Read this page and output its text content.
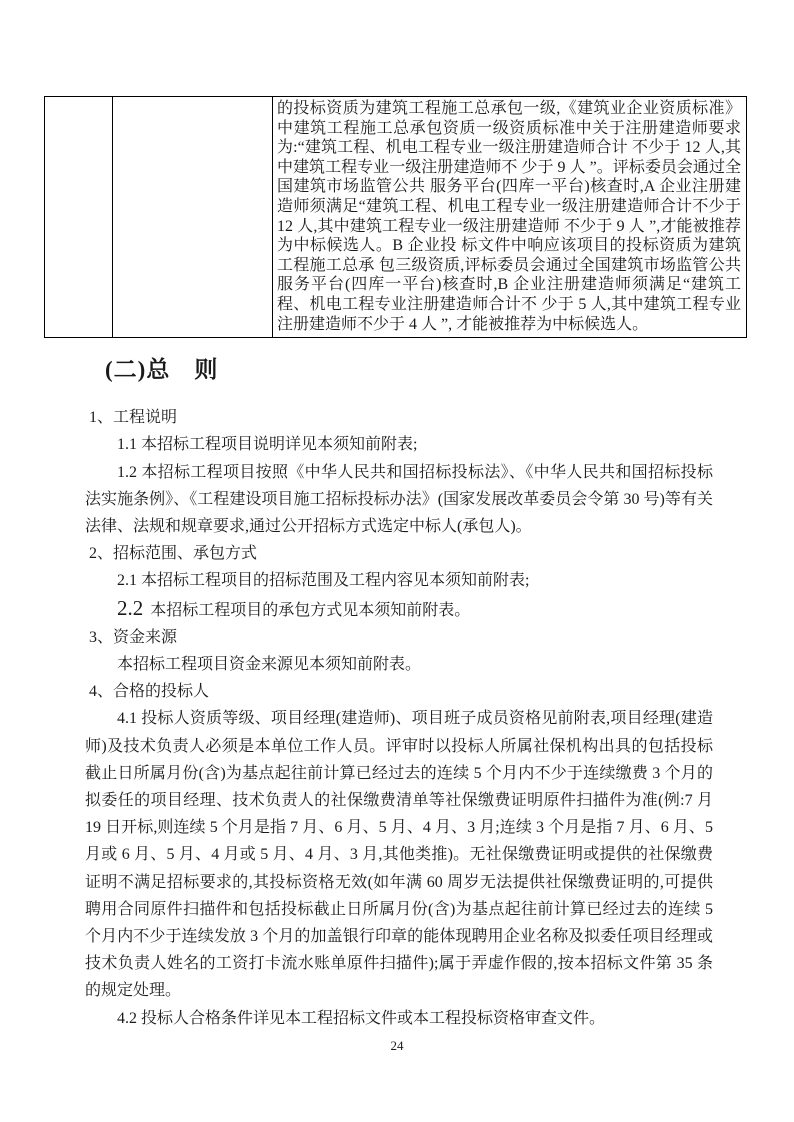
		的投标资质为建筑工程施工总承包一级,《建筑业企业资质标准》中建筑工程施工总承包资质一级资质标准中关于注册建造师要求为:“建筑工程、机电工程专业一级注册建造师合计 不少于 12 人,其中建筑工程专业一级注册建造师不 少于 9 人 ”。评标委员会通过全国建筑市场监管公共 服务平台(四库一平台)核查时,A 企业注册建造师须满足“建筑工程、机电工程专业一级注册建造师合计不少于 12 人,其中建筑工程专业一级注册建造师 不少于 9 人 ”,才能被推荐为中标候选人。B 企业投 标文件中响应该项目的投标资质为建筑工程施工总承 包三级资质,评标委员会通过全国建筑市场监管公共 服务平台(四库一平台)核查时,B 企业注册建造师须满足“建筑工程、机电工程专业注册建造师合计不 少于 5 人,其中建筑工程专业注册建造师不少于 4 人 ”, 才能被推荐为中标候选人。
(二)总　则
1、工程说明
1.1 本招标工程项目说明详见本须知前附表;
1.2 本招标工程项目按照《中华人民共和国招标投标法》、《中华人民共和国招标投标法实施条例》、《工程建设项目施工招标投标办法》(国家发展改革委员会令第 30 号)等有关法律、法规和规章要求,通过公开招标方式选定中标人(承包人)。
2、招标范围、承包方式
2.1 本招标工程项目的招标范围及工程内容见本须知前附表;
2.2 本招标工程项目的承包方式见本须知前附表。
3、资金来源
本招标工程项目资金来源见本须知前附表。
4、合格的投标人
4.1 投标人资质等级、项目经理(建造师)、项目班子成员资格见前附表,项目经理(建造师)及技术负责人必须是本单位工作人员。评审时以投标人所属社保机构出具的包括投标截止日所属月份(含)为基点起往前计算已经过去的连续 5 个月内不少于连续缴费 3 个月的拟委任的项目经理、技术负责人的社保缴费清单等社保缴费证明原件扫描件为准(例:7 月 19 日开标,则连续 5 个月是指 7 月、6 月、5 月、4 月、3 月;连续 3 个月是指 7 月、6 月、5 月或 6 月、5 月、4 月或 5 月、4 月、3 月,其他类推)。无社保缴费证明或提供的社保缴费证明不满足招标要求的,其投标资格无效(如年满 60 周岁无法提供社保缴费证明的,可提供聘用合同原件扫描件和包括投标截止日所属月份(含)为基点起往前计算已经过去的连续 5 个月内不少于连续发放 3 个月的加盖银行印章的能体现聘用企业名称及拟委任项目经理或技术负责人姓名的工资打卡流水账单原件扫描件);属于弄虚作假的,按本招标文件第 35 条的规定处理。
4.2 投标人合格条件详见本工程招标文件或本工程投标资格审查文件。
24
